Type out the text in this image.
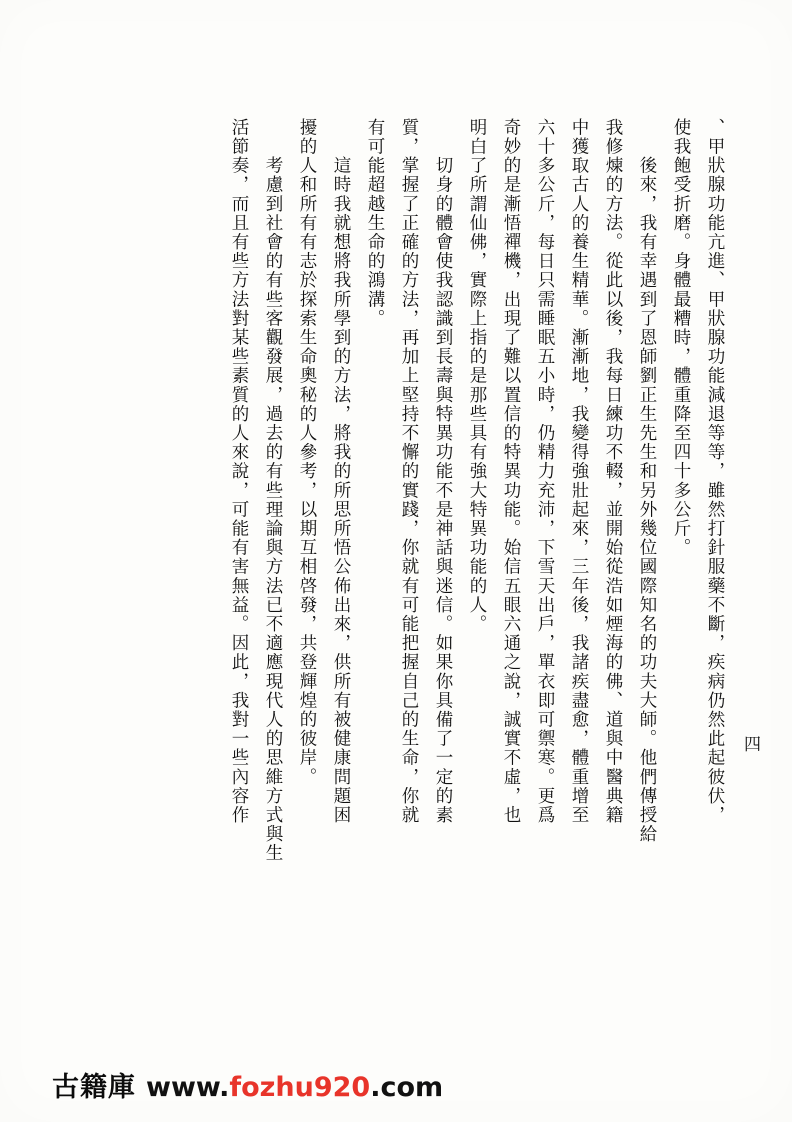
、甲狀腺功能亢進、甲狀腺功能減退等等，雖然打針服藥不斷，疾病仍然此起彼伏，
使我飽受折磨。身體最糟時，體重降至四十多公斤。
　　後來，我有幸遇到了恩師劉正生先生和另外幾位國際知名的功夫大師。他們傳授給
我修煉的方法。從此以後，我每日練功不輟，並開始從浩如煙海的佛、道與中醫典籍
中獲取古人的養生精華。漸漸地，我變得強壯起來，三年後，我諸疾盡愈，體重增至
六十多公斤，每日只需睡眠五小時，仍精力充沛，下雪天出戶，單衣即可禦寒。更爲
奇妙的是漸悟禪機，出現了難以置信的特異功能。始信五眼六通之說，誠實不虛，也
明白了所謂仙佛，實際上指的是那些具有強大特異功能的人。
　　切身的體會使我認識到長壽與特異功能不是神話與迷信。如果你具備了一定的素
質，掌握了正確的方法，再加上堅持不懈的實踐，你就有可能把握自己的生命，你就
有可能超越生命的鴻溝。
　　這時我就想將我所學到的方法，將我的所思所悟公佈出來，供所有被健康問題困
擾的人和所有有志於探索生命奧秘的人參考，以期互相啓發，共登輝煌的彼岸。
　　考慮到社會的有些客觀發展，過去的有些理論與方法已不適應現代人的思維方式與生
活節奏，而且有些方法對某些素質的人來說，可能有害無益。因此，我對一些內容作	四
古籍庫 www.fozhu920.com
